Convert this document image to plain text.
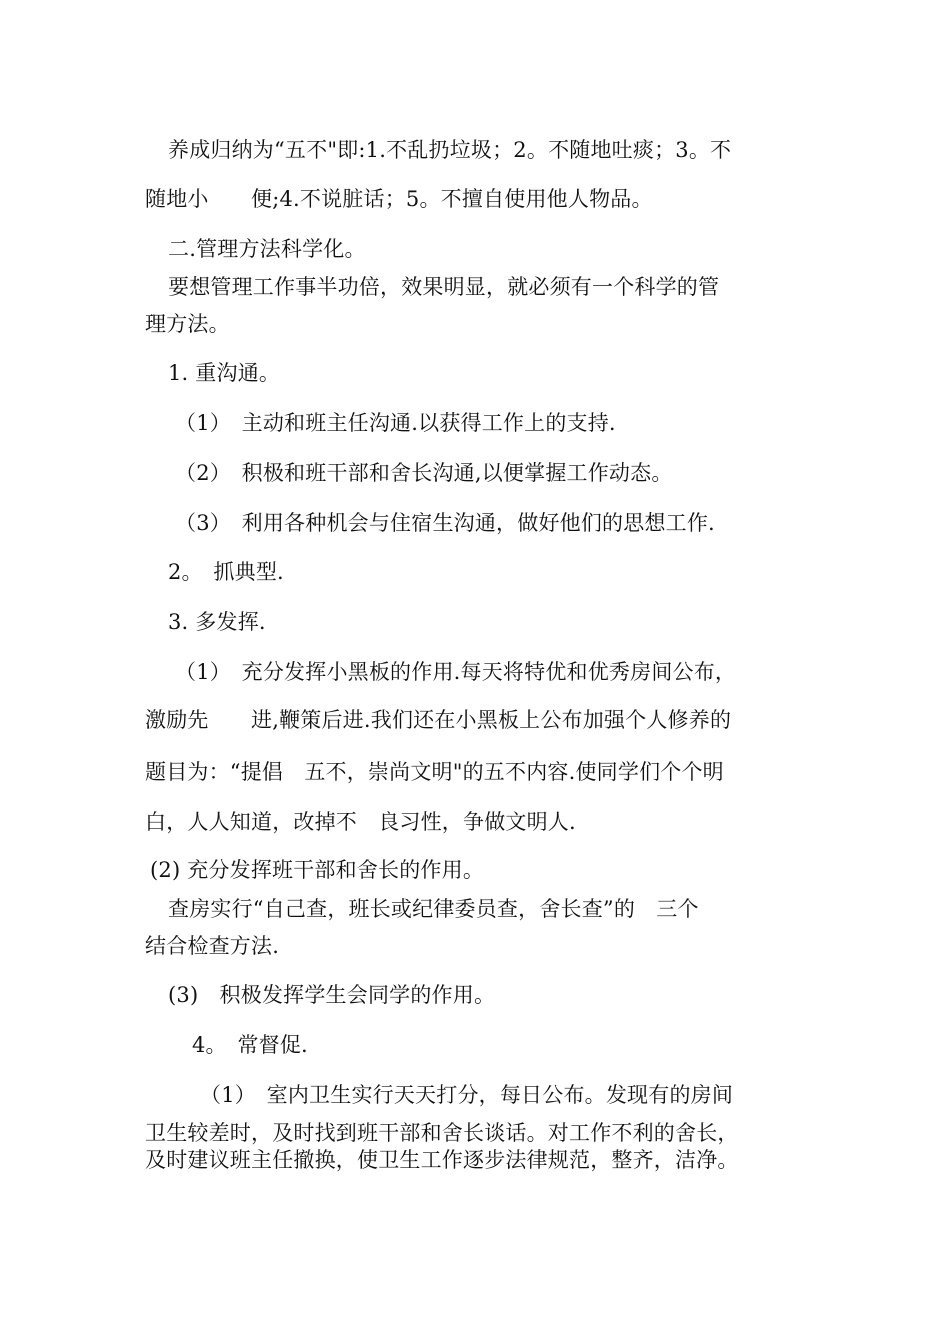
养成归纳为“五不"即:1.不乱扔垃圾；2。不随地吐痰；3。不
随地小　　便;4.不说脏话；5。不擅自使用他人物品。
二.管理方法科学化。
要想管理工作事半功倍，效果明显，就必须有一个科学的管
理方法。
1. 重沟通。
（1）　主动和班主任沟通.以获得工作上的支持.
（2）　积极和班干部和舍长沟通,以便掌握工作动态。
（3）　利用各种机会与住宿生沟通，做好他们的思想工作.
2。　抓典型.
3. 多发挥.
（1）　充分发挥小黑板的作用.每天将特优和优秀房间公布，
激励先　　进,鞭策后进.我们还在小黑板上公布加强个人修养的
题目为：“提倡　五不，崇尚文明"的五不内容.使同学们个个明
白，人人知道，改掉不　良习性，争做文明人.
(2) 充分发挥班干部和舍长的作用。
查房实行“自己查，班长或纪律委员查，舍长查”的　三个
结合检查方法.
(3)　积极发挥学生会同学的作用。
4。　常督促.
（1）　室内卫生实行天天打分，每日公布。发现有的房间
卫生较差时，及时找到班干部和舍长谈话。对工作不利的舍长，
及时建议班主任撤换，使卫生工作逐步法律规范，整齐，洁净。
